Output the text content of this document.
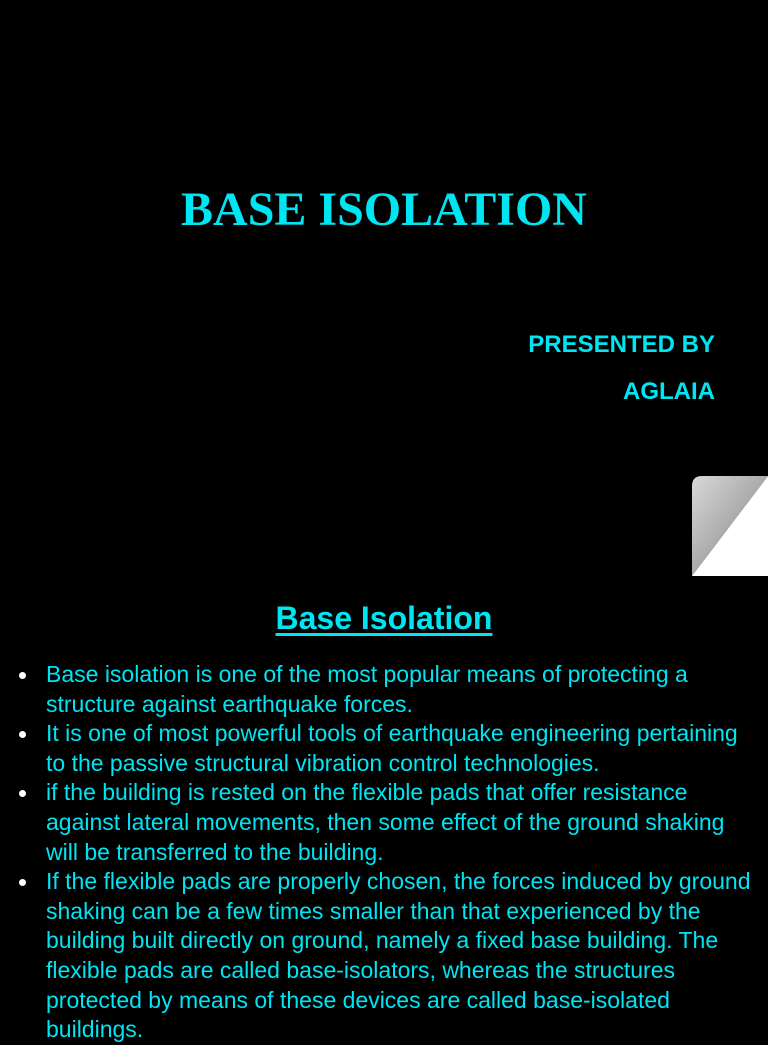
BASE ISOLATION
PRESENTED BY
AGLAIA
Base Isolation
Base isolation is one of the most popular means of protecting a structure against earthquake forces.
It is one of most powerful tools of earthquake engineering pertaining to the passive structural vibration control technologies.
if the building is rested on the flexible pads that offer resistance against lateral movements, then some effect of the ground shaking will be transferred to the building.
If the flexible pads are properly chosen, the forces induced by ground shaking can be a few times smaller than that experienced by the building built directly on ground, namely a fixed base building. The flexible pads are called base-isolators, whereas the structures protected by means of these devices are called base-isolated buildings.
